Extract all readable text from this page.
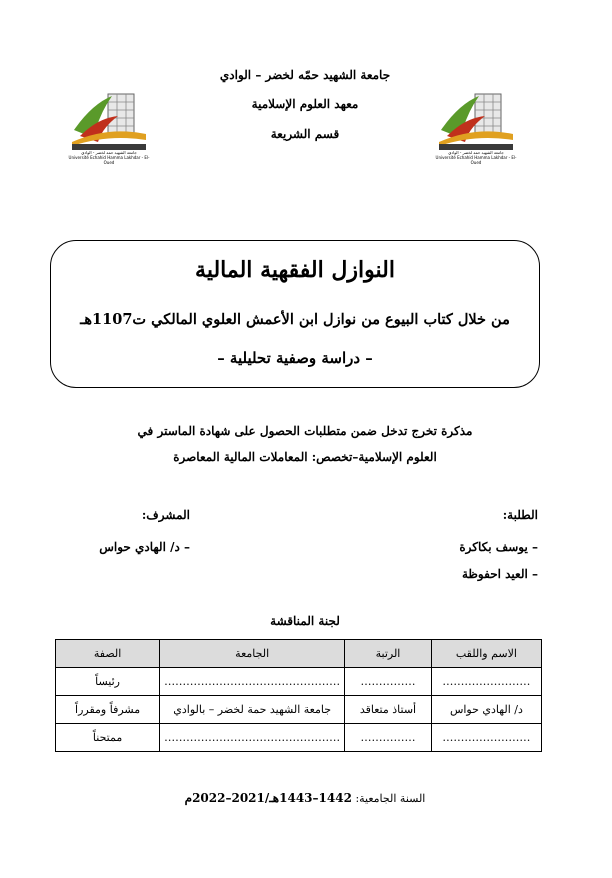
جامعة الشهيد حمّه لخضر – الوادي
معهد العلوم الإسلامية
قسم الشريعة
جامعة الشهيد حمه لخضر - الوادي
Université Echahid Hamma Lakhdar - El-Oued
جامعة الشهيد حمه لخضر - الوادي
Université Echahid Hamma Lakhdar - El-Oued
النوازل الفقهية المالية
من خلال كتاب البيوع من نوازل ابن الأعمش العلوي المالكي ت1107هـ
– دراسة وصفية تحليلية –
مذكرة تخرج تدخل ضمن متطلبات الحصول على شهادة الماستر في
العلوم الإسلامية–تخصص: المعاملات المالية المعاصرة
الطلبة:
– يوسف بكاكرة
– العيد احفوظة
المشرف:
– د/ الهادي حواس
لجنة المناقشة
الاسم واللقب	الرتبة	الجامعة	الصفة
……………………	……………	…………………………………………	رئيساً
د/ الهادي حواس	أستاذ متعاقد	جامعة الشهيد حمة لخضر – بالوادي	مشرفاً ومقرراً
……………………	……………	…………………………………………	ممتحناً
السنة الجامعية: 1442–1443هـ/2021–2022م
